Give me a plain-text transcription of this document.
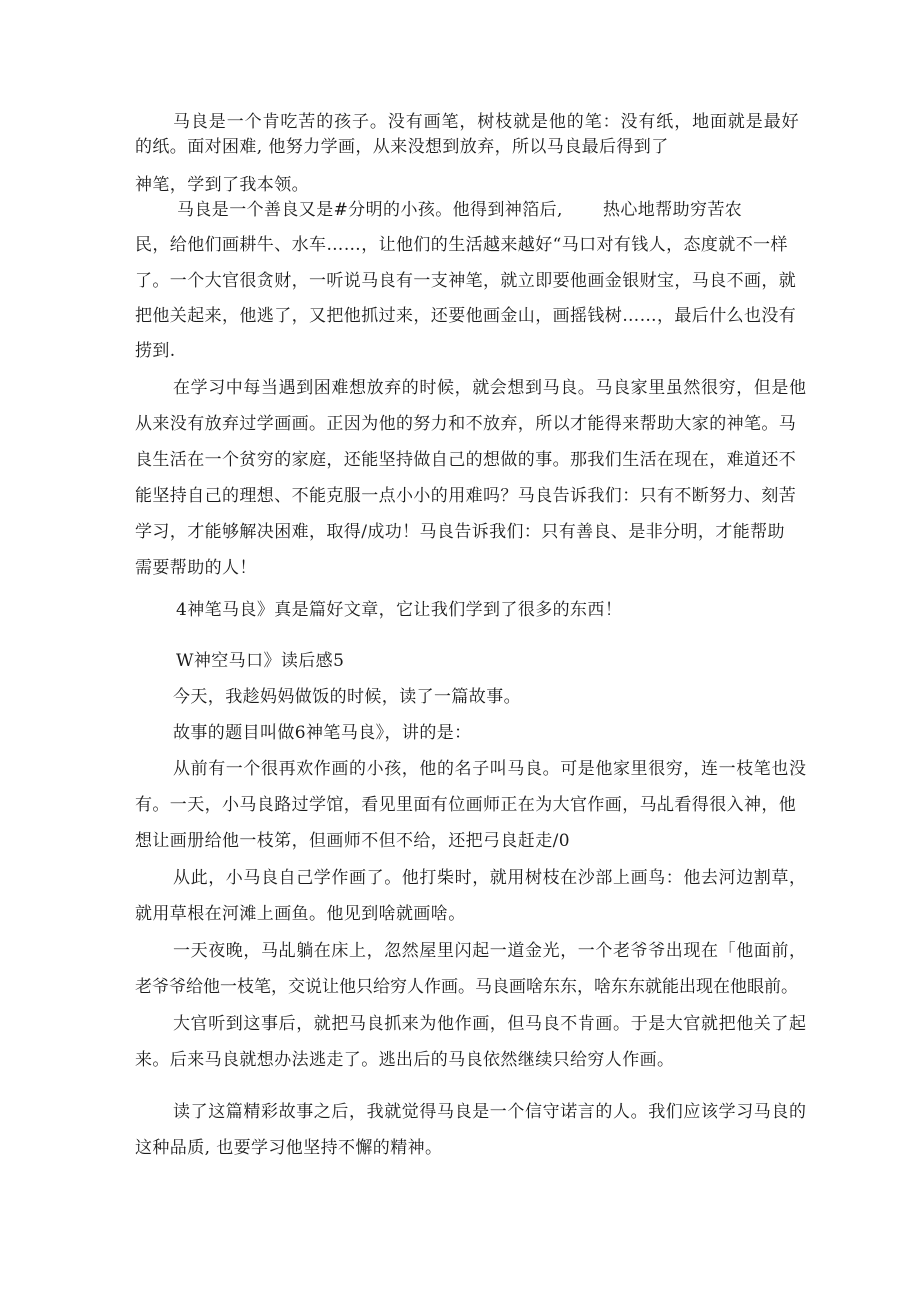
马良是一个肯吃苦的孩子。没有画笔，树枝就是他的笔：没有纸，地面就是最好
的纸。面对困难, 他努力学画，从来没想到放弃，所以马良最后得到了
神笔，学到了我本领。
马良是一个善良又是#分明的小孩。他得到神箔后, 热心地帮助穷苦农
民，给他们画耕牛、水车……，让他们的生活越来越好“马口对有钱人，态度就不一样
了。一个大官很贪财，一听说马良有一支神笔，就立即要他画金银财宝，马良不画，就
把他关起来，他逃了，又把他抓过来，还要他画金山，画摇钱树……，最后什么也没有
捞到.
在学习中每当遇到困难想放弃的时候，就会想到马良。马良家里虽然很穷，但是他
从来没有放弃过学画画。正因为他的努力和不放弃，所以才能得来帮助大家的神笔。马
良生活在一个贫穷的家庭，还能坚持做自己的想做的事。那我们生活在现在，难道还不
能坚持自己的理想、不能克服一点小小的用难吗？马良告诉我们：只有不断努力、刻苦
学习，才能够解决困难，取得/成功！马良告诉我们：只有善良、是非分明，才能帮助
需要帮助的人！
4神笔马良》真是篇好文章，它让我们学到了很多的东西！
W神空马口》读后感5
今天，我趁妈妈做饭的时候，读了一篇故事。
故事的题目叫做6神笔马良》，讲的是：
从前有一个很再欢作画的小孩，他的名子叫马良。可是他家里很穷，连一枝笔也没
有。一天，小马良路过学馆，看见里面有位画师正在为大官作画，马乩看得很入神，他
想让画册给他一枝笫，但画师不但不给，还把弓良赶走/0
从此，小马良自己学作画了。他打柴时，就用树枝在沙部上画鸟：他去河边割草，
就用草根在河滩上画鱼。他见到啥就画啥。
一天夜晚，马乩躺在床上，忽然屋里闪起一道金光，一个老爷爷出现在「他面前，
老爷爷给他一枝笔，交说让他只给穷人作画。马良画啥东东，啥东东就能出现在他眼前。
大官听到这事后，就把马良抓来为他作画，但马良不肯画。于是大官就把他关了起
来。后来马良就想办法逃走了。逃出后的马良依然继续只给穷人作画。
读了这篇精彩故事之后，我就觉得马良是一个信守诺言的人。我们应该学习马良的
这种品质, 也要学习他坚持不懈的精神。
